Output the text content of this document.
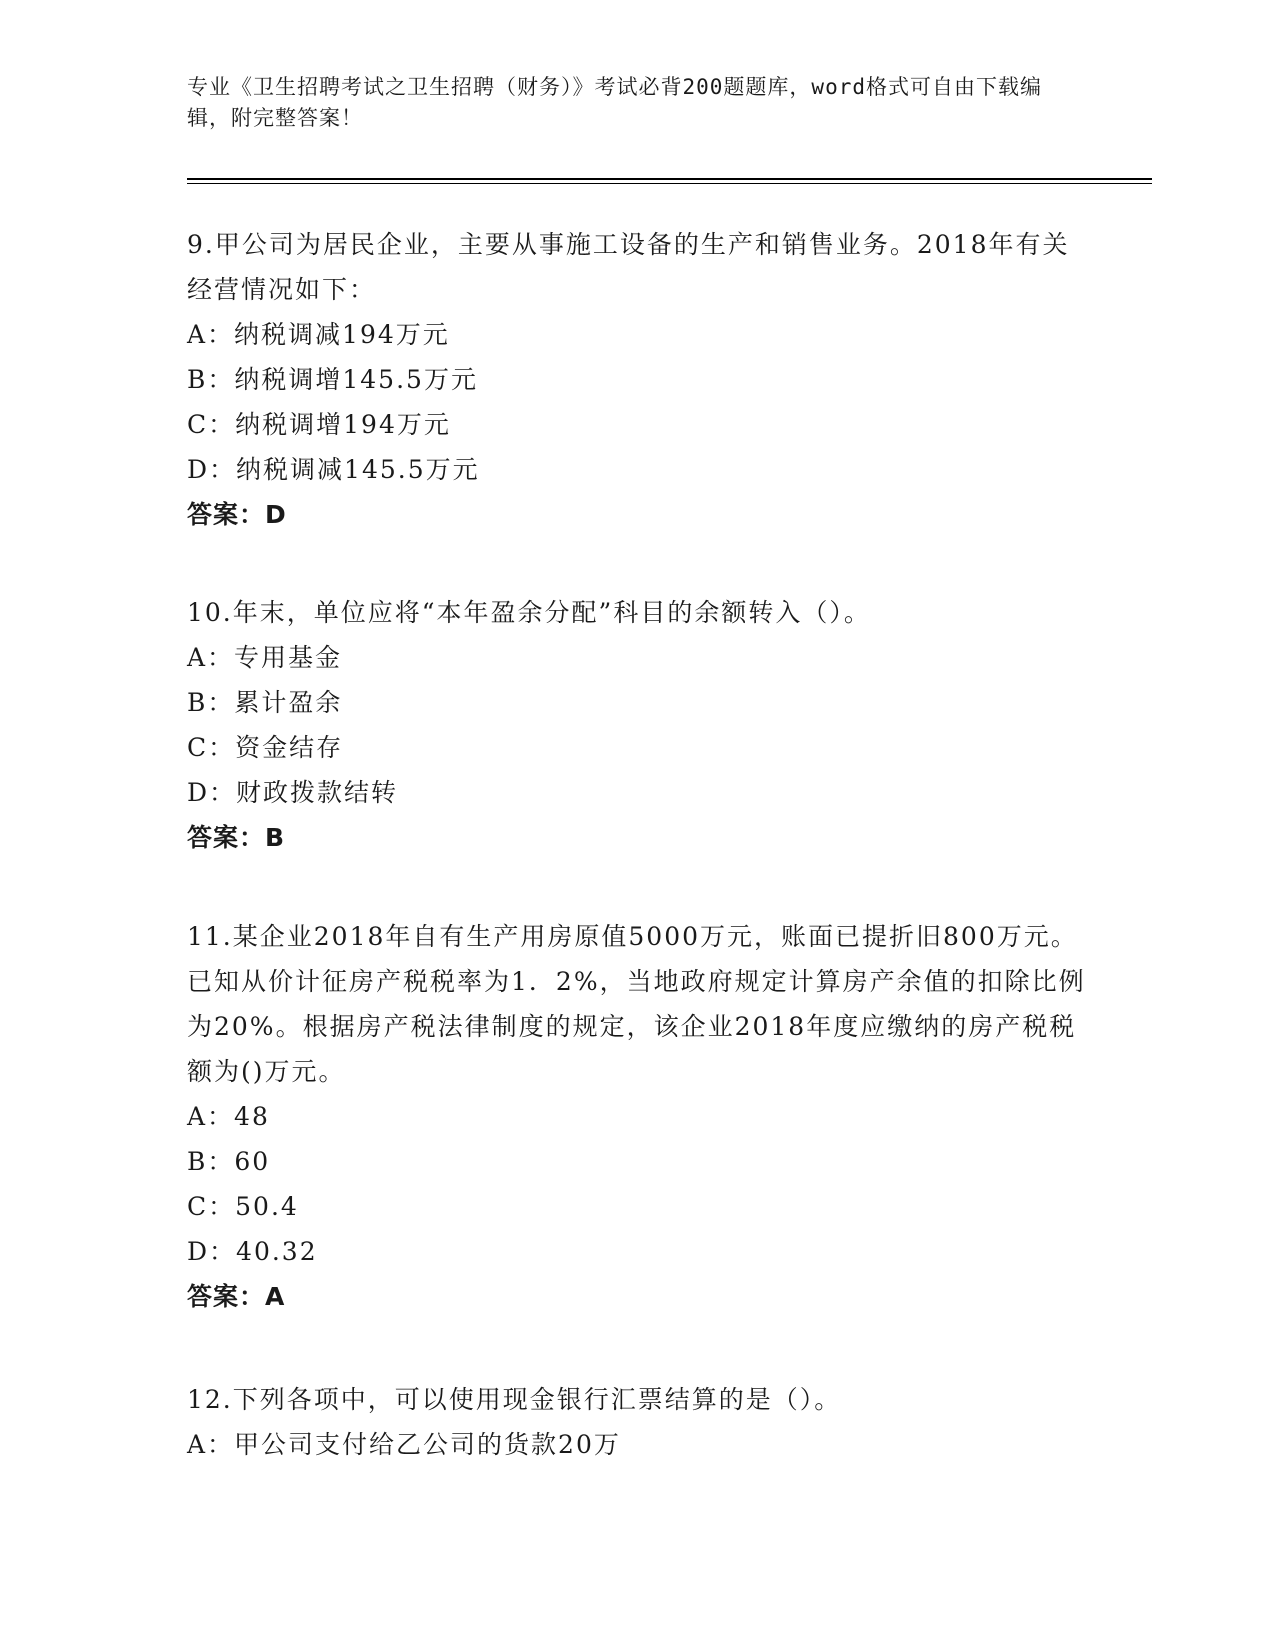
专业《卫生招聘考试之卫生招聘（财务）》考试必背200题题库，word格式可自由下载编辑，附完整答案！
9.甲公司为居民企业，主要从事施工设备的生产和销售业务。2018年有关经营情况如下：
A：纳税调减194万元
B：纳税调增145.5万元
C：纳税调增194万元
D：纳税调减145.5万元
答案：D
10.年末，单位应将“本年盈余分配”科目的余额转入（）。
A：专用基金
B：累计盈余
C：资金结存
D：财政拨款结转
答案：B
11.某企业2018年自有生产用房原值5000万元，账面已提折旧800万元。已知从价计征房产税税率为1．2%，当地政府规定计算房产余值的扣除比例为20%。根据房产税法律制度的规定，该企业2018年度应缴纳的房产税税额为()万元。
A：48
B：60
C：50.4
D：40.32
答案：A
12.下列各项中，可以使用现金银行汇票结算的是（）。
A：甲公司支付给乙公司的货款20万
